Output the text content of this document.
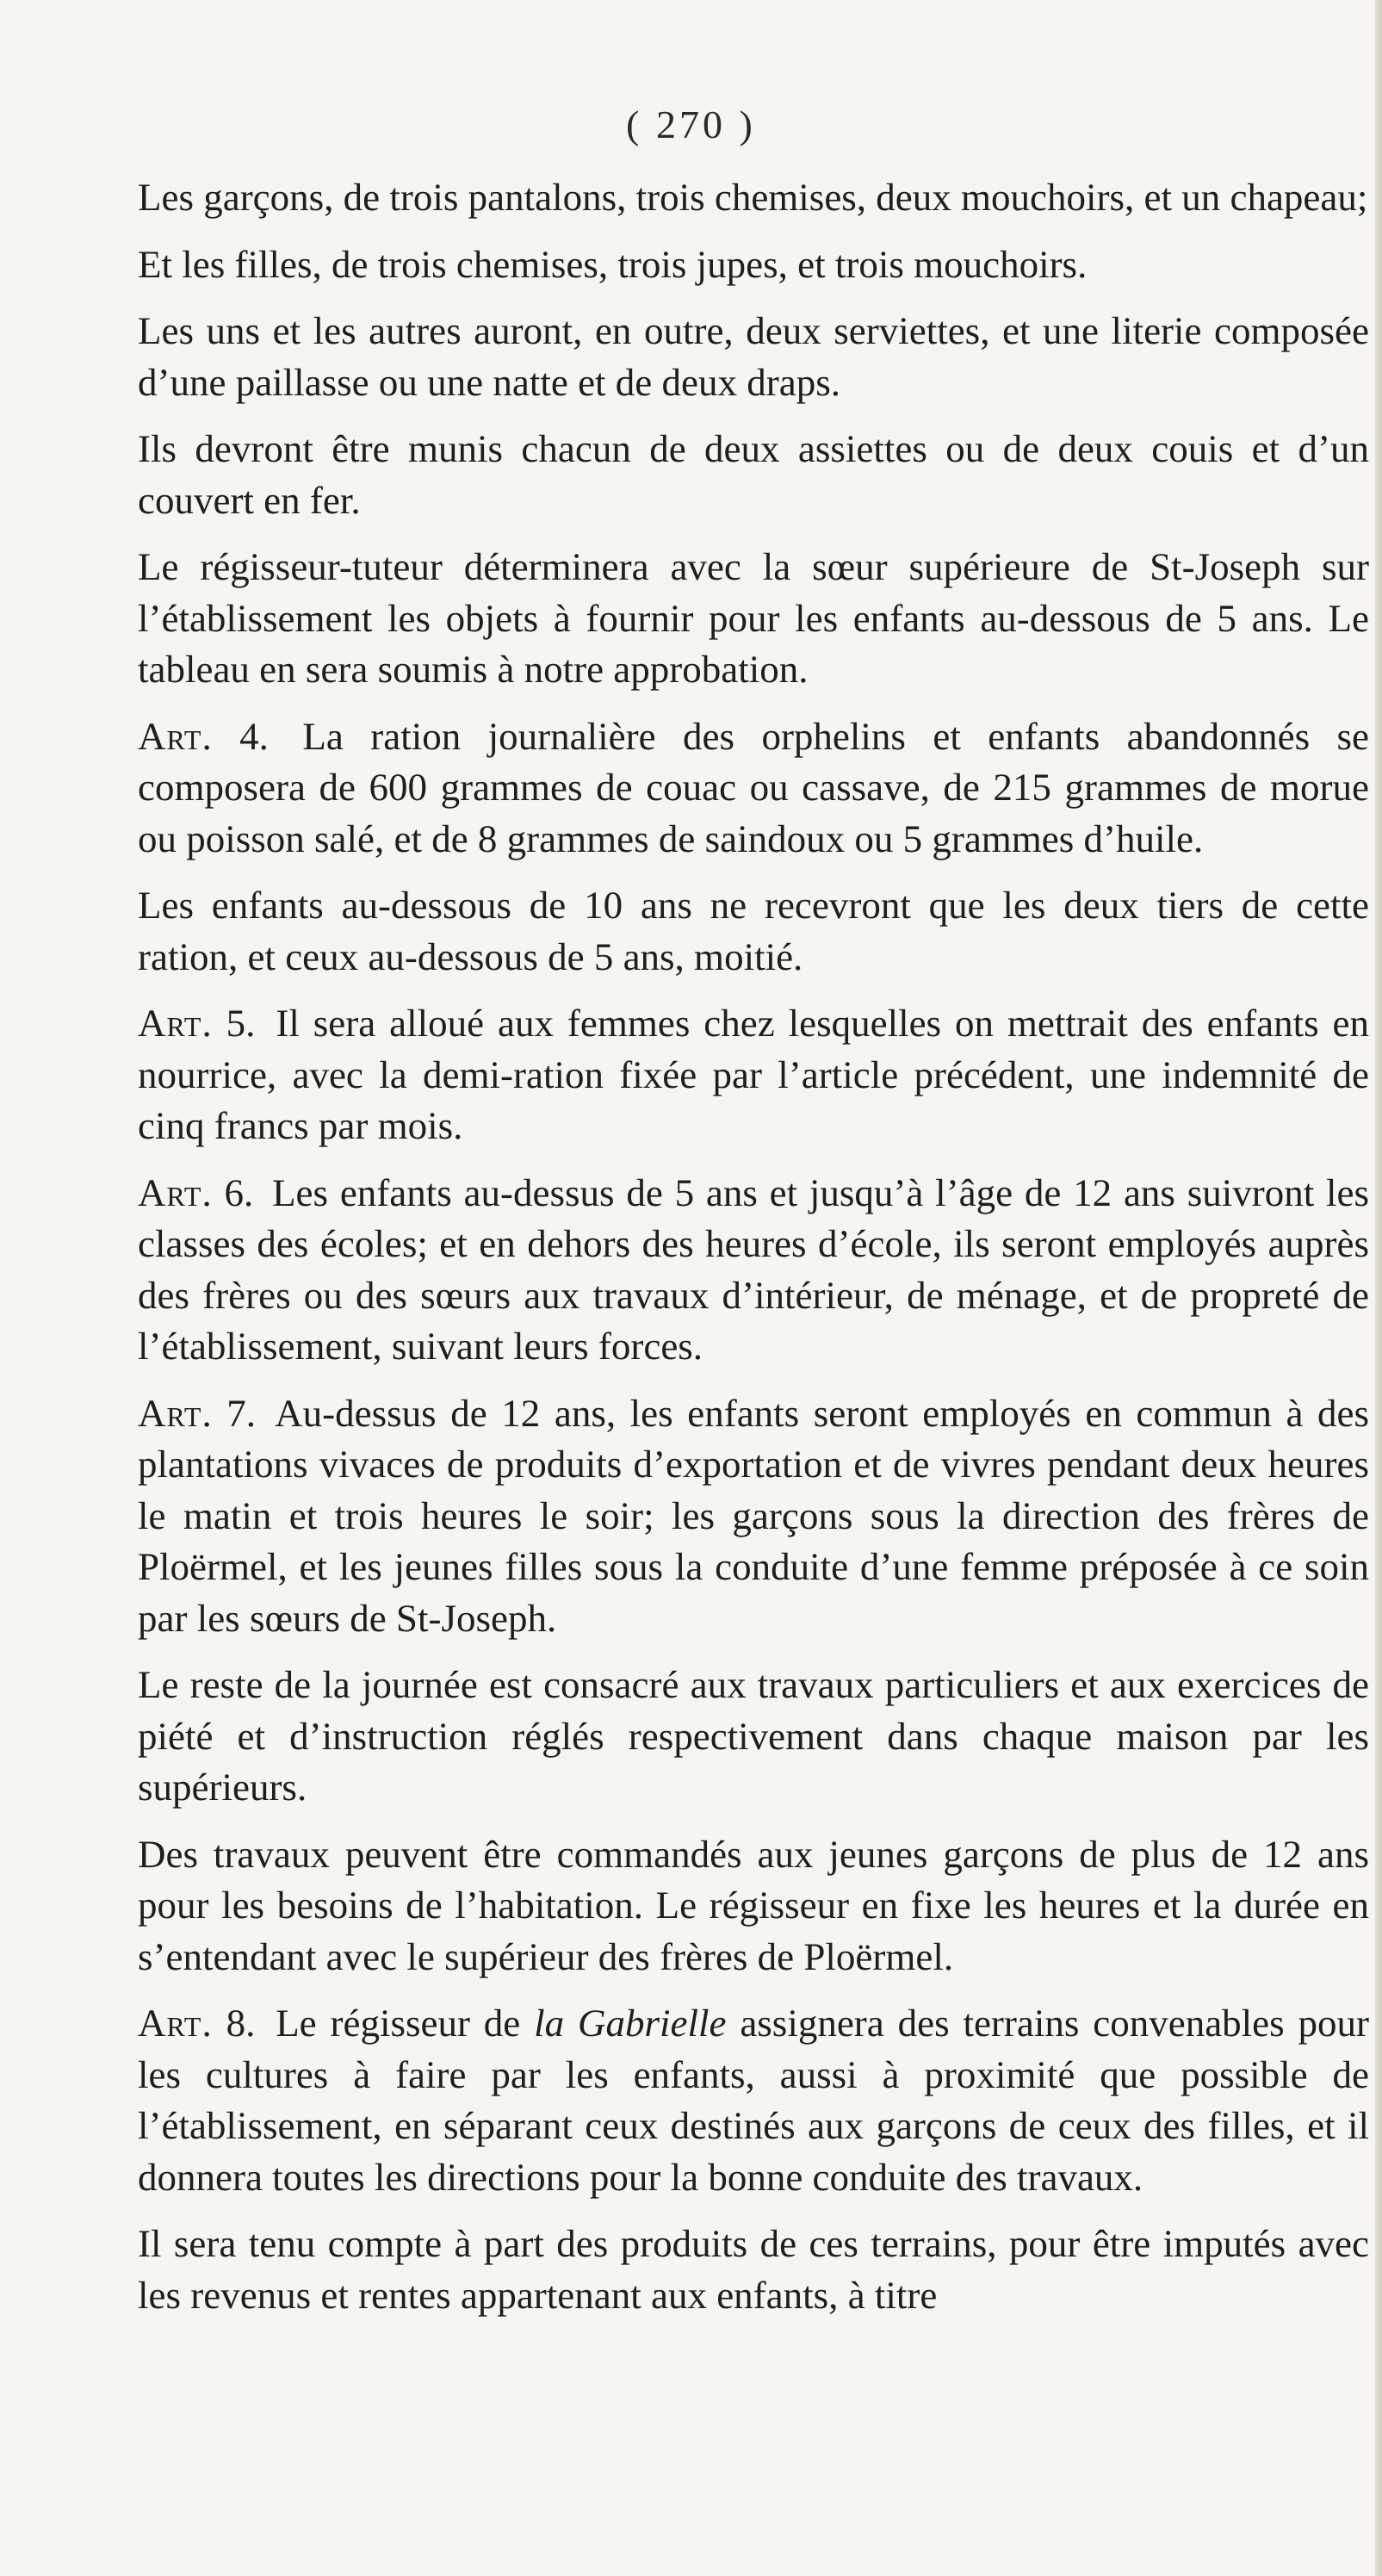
( 270 )

Les garçons, de trois pantalons, trois chemises, deux mouchoirs, et un chapeau;

Et les filles, de trois chemises, trois jupes, et trois mouchoirs.

Les uns et les autres auront, en outre, deux serviettes, et une literie composée d’une paillasse ou une natte et de deux draps.

Ils devront être munis chacun de deux assiettes ou de deux couis et d’un couvert en fer.

Le régisseur-tuteur déterminera avec la sœur supérieure de St-Joseph sur l’établissement les objets à fournir pour les enfants au-dessous de 5 ans. Le tableau en sera soumis à notre approbation.

Art. 4. La ration journalière des orphelins et enfants abandonnés se composera de 600 grammes de couac ou cassave, de 215 grammes de morue ou poisson salé, et de 8 grammes de saindoux ou 5 grammes d’huile.

Les enfants au-dessous de 10 ans ne recevront que les deux tiers de cette ration, et ceux au-dessous de 5 ans, moitié.

Art. 5. Il sera alloué aux femmes chez lesquelles on mettrait des enfants en nourrice, avec la demi-ration fixée par l’article précédent, une indemnité de cinq francs par mois.

Art. 6. Les enfants au-dessus de 5 ans et jusqu’à l’âge de 12 ans suivront les classes des écoles; et en dehors des heures d’école, ils seront employés auprès des frères ou des sœurs aux travaux d’intérieur, de ménage, et de propreté de l’établissement, suivant leurs forces.

Art. 7. Au-dessus de 12 ans, les enfants seront employés en commun à des plantations vivaces de produits d’exportation et de vivres pendant deux heures le matin et trois heures le soir; les garçons sous la direction des frères de Ploërmel, et les jeunes filles sous la conduite d’une femme préposée à ce soin par les sœurs de St-Joseph.

Le reste de la journée est consacré aux travaux particuliers et aux exercices de piété et d’instruction réglés respectivement dans chaque maison par les supérieurs.

Des travaux peuvent être commandés aux jeunes garçons de plus de 12 ans pour les besoins de l’habitation. Le régisseur en fixe les heures et la durée en s’entendant avec le supérieur des frères de Ploërmel.

Art. 8. Le régisseur de la Gabrielle assignera des terrains convenables pour les cultures à faire par les enfants, aussi à proximité que possible de l’établissement, en séparant ceux destinés aux garçons de ceux des filles, et il donnera toutes les directions pour la bonne conduite des travaux.

Il sera tenu compte à part des produits de ces terrains, pour être imputés avec les revenus et rentes appartenant aux enfants, à titre
